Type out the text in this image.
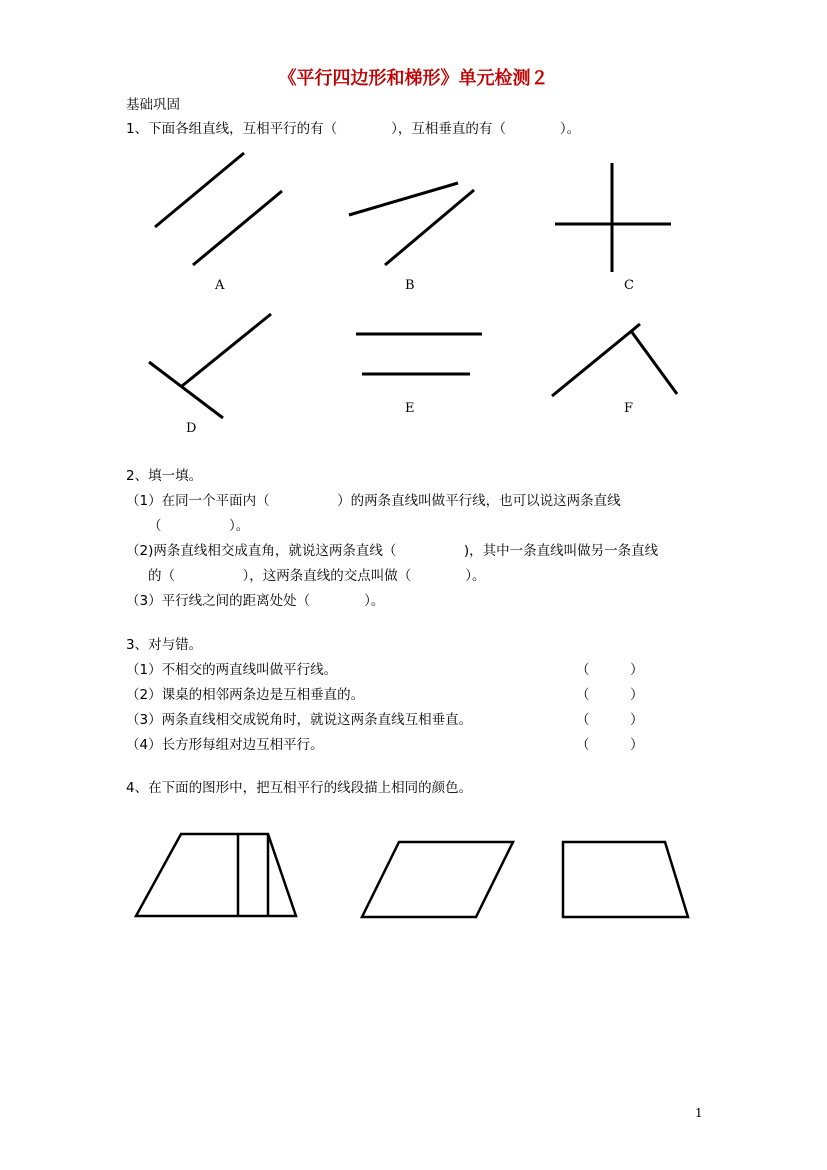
《平行四边形和梯形》单元检测２
基础巩固
1、下面各组直线，互相平行的有（　　　　），互相垂直的有（　　　　）。
A	B	C
D
E	F
2、填一填。
（1）在同一个平面内（　　　　　）的两条直线叫做平行线，也可以说这两条直线
（　　　　　）。
（2)两条直线相交成直角，就说这两条直线（　　　　　)，其中一条直线叫做另一条直线
的（　　　　　），这两条直线的交点叫做（　　　　）。
（3）平行线之间的距离处处（　　　　）。
3、对与错。
（1）不相交的两直线叫做平行线。	（　　　）
（2）课桌的相邻两条边是互相垂直的。	（　　　）
（3）两条直线相交成锐角时，就说这两条直线互相垂直。	（　　　）
（4）长方形每组对边互相平行。	（　　　）
4、在下面的图形中，把互相平行的线段描上相同的颜色。
1
